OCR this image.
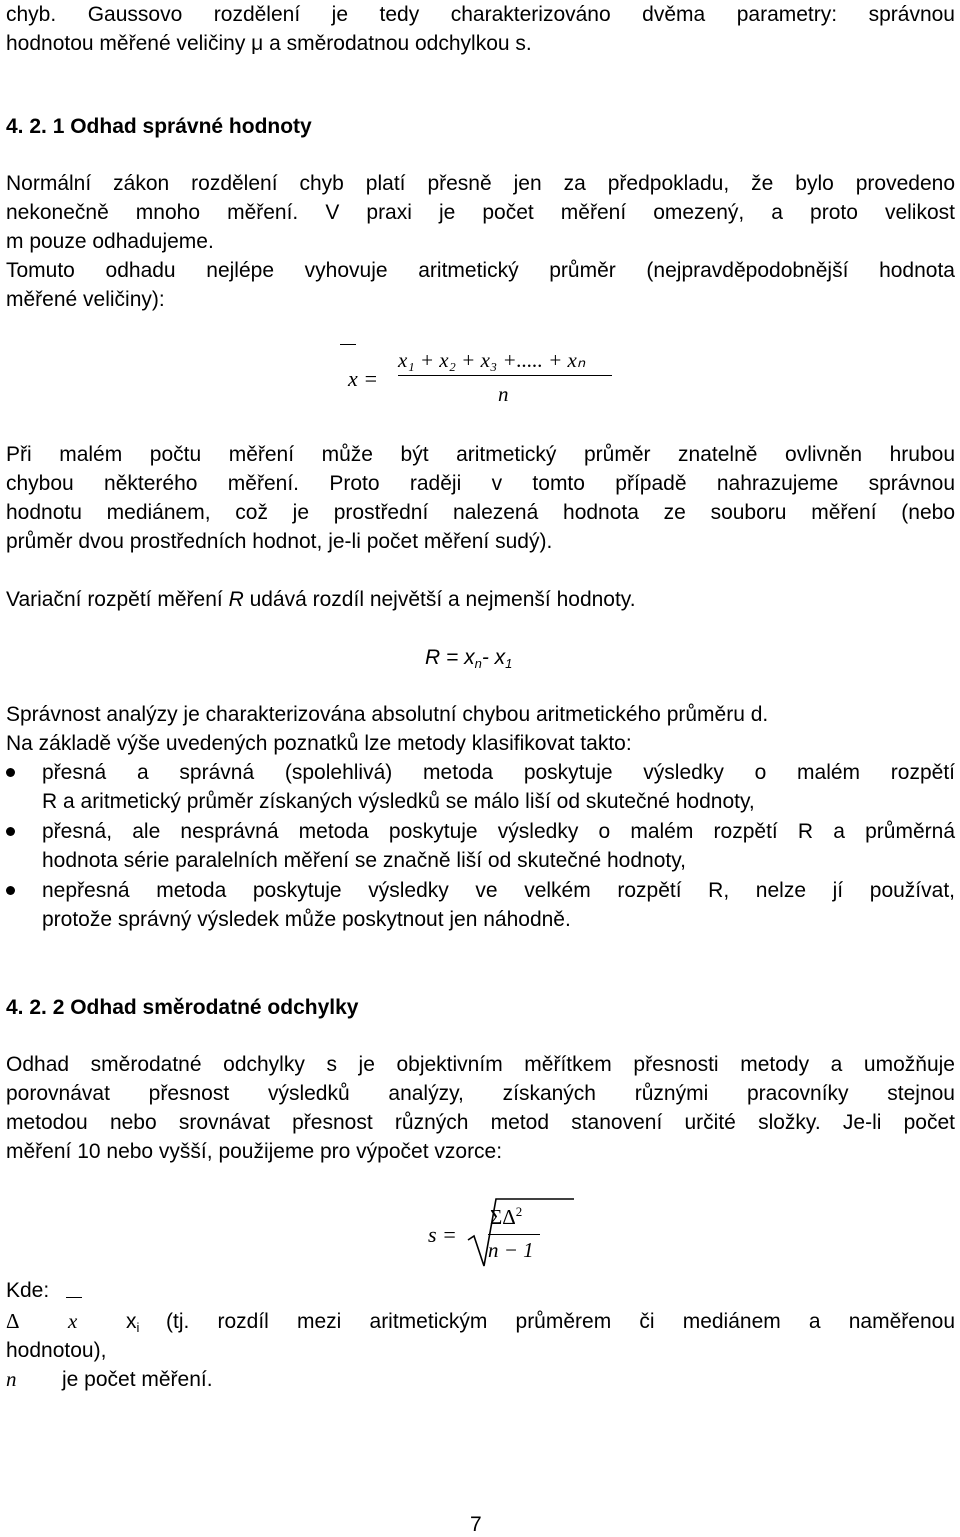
chyb. Gaussovo rozdělení je tedy charakterizováno dvěma parametry: správnou
hodnotou měřené veličiny μ a směrodatnou odchylkou s.
4. 2. 1 Odhad správné hodnoty
Normální zákon rozdělení chyb platí přesně jen za předpokladu, že bylo provedeno
nekonečně mnoho měření. V praxi je počet měření omezený, a proto velikost
m pouze odhadujeme.
Tomuto odhadu nejlépe vyhovuje aritmetický průměr (nejpravděpodobnější hodnota
měřené veličiny):
x =
x₁ + x₂ + x₃ +..... + xₙ
n
Při malém počtu měření může být aritmetický průměr znatelně ovlivněn hrubou
chybou některého měření. Proto raději v tomto případě nahrazujeme správnou
hodnotu mediánem, což je prostřední nalezená hodnota ze souboru měření (nebo
průměr dvou prostředních hodnot, je-li počet měření sudý).
Variační rozpětí měření R udává rozdíl největší a nejmenší hodnoty.
$R = x_n-$ $x_1$
Správnost analýzy je charakterizována absolutní chybou aritmetického průměru d.
Na základě výše uvedených poznatků lze metody klasifikovat takto:
přesná a správná (spolehlivá) metoda poskytuje výsledky o malém rozpětí
R a aritmetický průměr získaných výsledků se málo liší od skutečné hodnoty,
přesná, ale nesprávná metoda poskytuje výsledky o malém rozpětí R a průměrná
hodnota série paralelních měření se značně liší od skutečné hodnoty,
nepřesná metoda poskytuje výsledky ve velkém rozpětí R, nelze jí používat,
protože správný výsledek může poskytnout jen náhodně.
4. 2. 2 Odhad směrodatné odchylky
Odhad směrodatné odchylky s je objektivním měřítkem přesnosti metody a umožňuje
porovnávat přesnost výsledků analýzy, získaných různými pracovníky stejnou
metodou nebo srovnávat přesnost různých metod stanovení určité složky. Je-li počet
měření 10 nebo vyšší, použijeme pro výpočet vzorce:
s =
$\Sigma\Delta^2$
n − 1
Kde:
Δ x $x_i$ (tj. rozdíl mezi aritmetickým průměrem či mediánem a naměřenou
hodnotou),
n je počet měření.
7
